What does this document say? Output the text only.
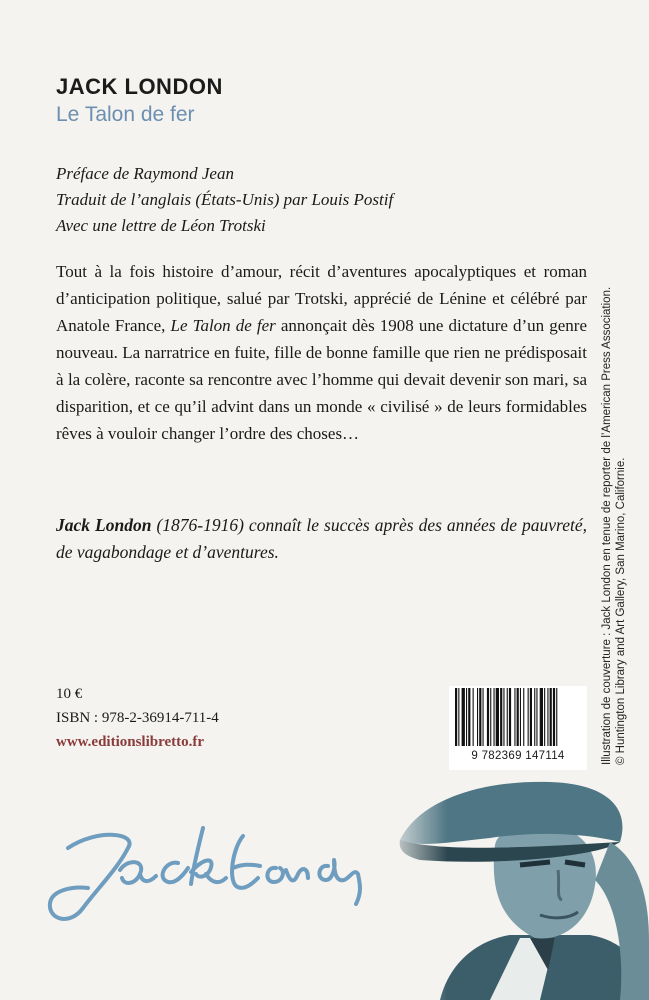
JACK LONDON
Le Talon de fer
Préface de Raymond Jean
Traduit de l’anglais (États-Unis) par Louis Postif
Avec une lettre de Léon Trotski
Tout à la fois histoire d’amour, récit d’aventures apocalyptiques et roman d’anticipation politique, salué par Trotski, apprécié de Lénine et célébré par Anatole France, Le Talon de fer annonçait dès 1908 une dictature d’un genre nouveau. La narratrice en fuite, fille de bonne famille que rien ne prédisposait à la colère, raconte sa rencontre avec l’homme qui devait devenir son mari, sa disparition, et ce qu’il advint dans un monde « civilisé » de leurs formidables rêves à vouloir changer l’ordre des choses…
Jack London (1876-1916) connaît le succès après des années de pauvreté, de vagabondage et d’aventures.
10 €
ISBN : 978-2-36914-711-4
www.editionslibretto.fr
9 782369 147114	Illustration de couverture : Jack London en tenue de reporter de l’American Press Association. © Huntington Library and Art Gallery, San Marino, Californie.
